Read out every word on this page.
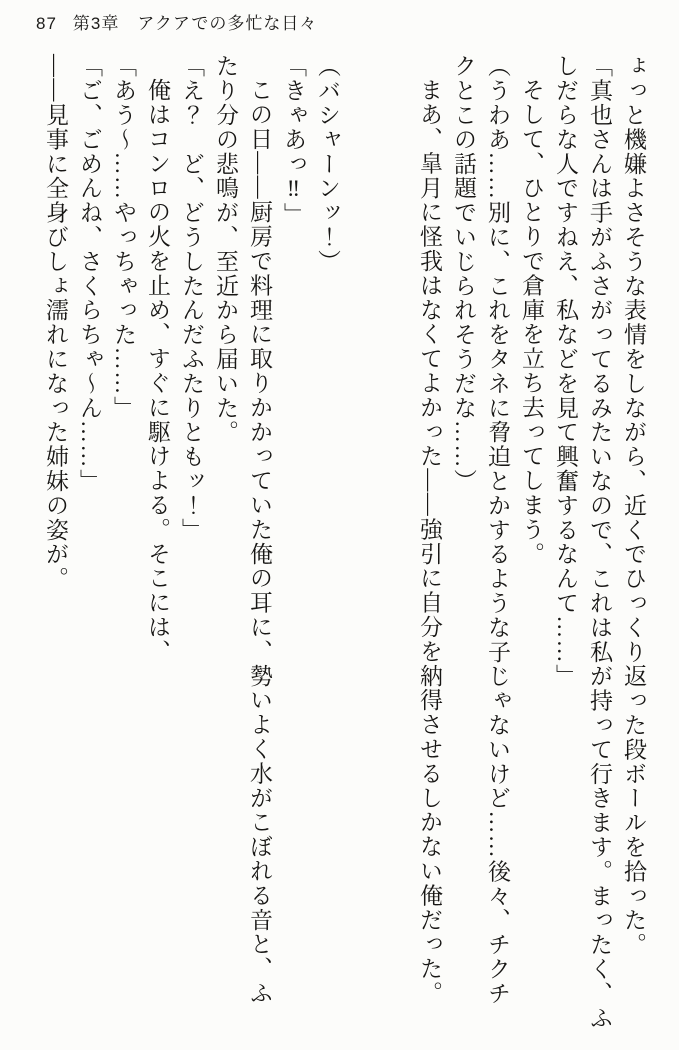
87 第3章　アクアでの多忙な日々
ょっと機嫌よさそうな表情をしながら、近くでひっくり返った段ボールを拾った。
「真也さんは手がふさがってるみたいなので、これは私が持って行きます。まったく、ふ
しだらな人ですねえ、私などを見て興奮するなんて……」
そして、ひとりで倉庫を立ち去ってしまう。
（うわあ……別に、これをタネに脅迫とかするような子じゃないけど……後々、チクチ
クとこの話題でいじられそうだな……）
まあ、皐月に怪我はなくてよかった――強引に自分を納得させるしかない俺だった。
（バシャーンッ！）
「きゃあっ‼」
この日――厨房で料理に取りかかっていた俺の耳に、勢いよく水がこぼれる音と、ふ
たり分の悲鳴が、至近から届いた。
「え？　ど、どうしたんだふたりともッ！」
俺はコンロの火を止め、すぐに駆けよる。そこには、
「あう〜……やっちゃった……」
「ご、ごめんね、さくらちゃ〜ん……」
――見事に全身びしょ濡れになった姉妹の姿が。
